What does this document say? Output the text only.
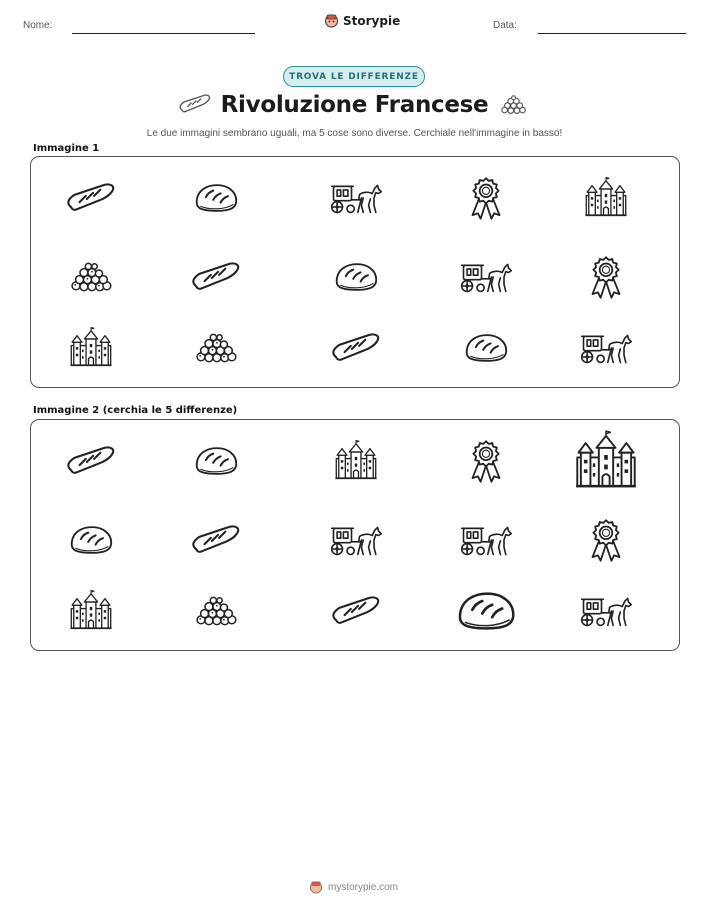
Nome:	Storypie	Data:
TROVA LE DIFFERENZE
Rivoluzione Francese
Le due immagini sembrano uguali, ma 5 cose sono diverse. Cerchiale nell'immagine in basso!
Immagine 1
Immagine 2 (cerchia le 5 differenze)
mystorypie.com
